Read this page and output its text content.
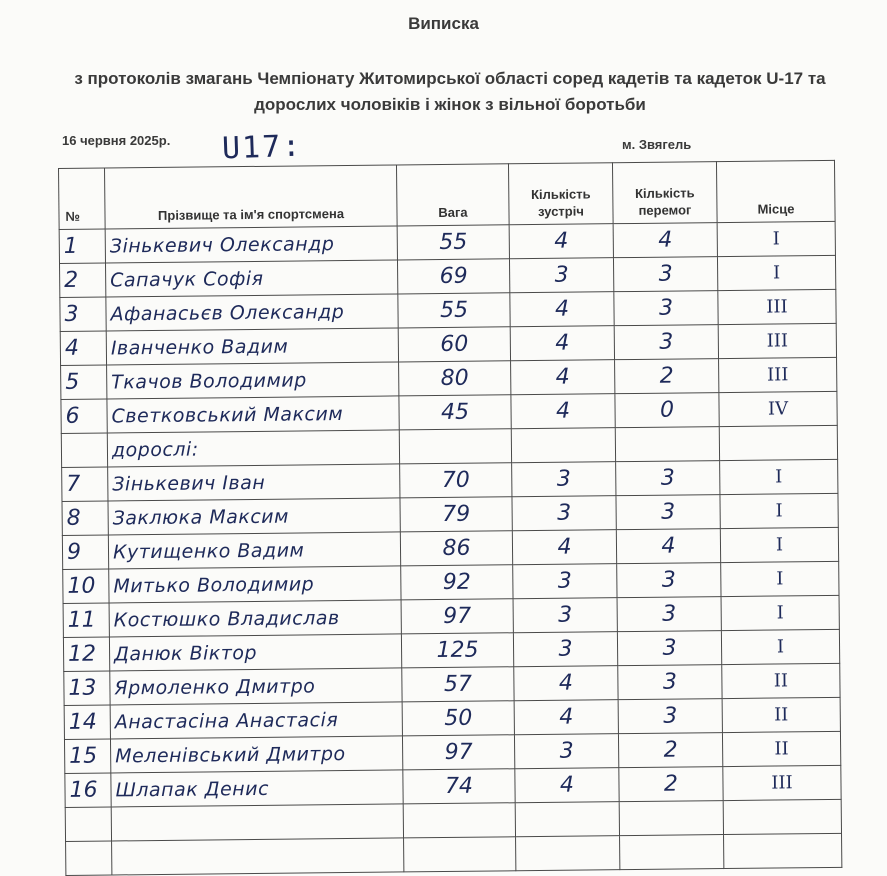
Виписка
з протоколів змагань Чемпіонату Житомирської області соред кадетів та кадеток U-17 та дорослих чоловіків і жінок з вільної боротьби
16 червня 2025р. U17:	м. Звягель
№	Прізвище та ім'я спортсмена	Вага	Кількість зустріч	Кількість перемог	Місце
1	Зінькевич Олександр	55	4	4	I
2	Сапачук Софія	69	3	3	I
3	Афанасьєв Олександр	55	4	3	III
4	Іванченко Вадим	60	4	3	III
5	Ткачов Володимир	80	4	2	III
6	Светковський Максим	45	4	0	IV
	дорослі:				
7	Зінькевич Іван	70	3	3	I
8	Заклюка Максим	79	3	3	I
9	Кутищенко Вадим	86	4	4	I
10	Митько Володимир	92	3	3	I
11	Костюшко Владислав	97	3	3	I
12	Данюк Віктор	125	3	3	I
13	Ярмоленко Дмитро	57	4	3	II
14	Анастасіна Анастасія	50	4	3	II
15	Меленівський Дмитро	97	3	2	II
16	Шлапак Денис	74	4	2	III
